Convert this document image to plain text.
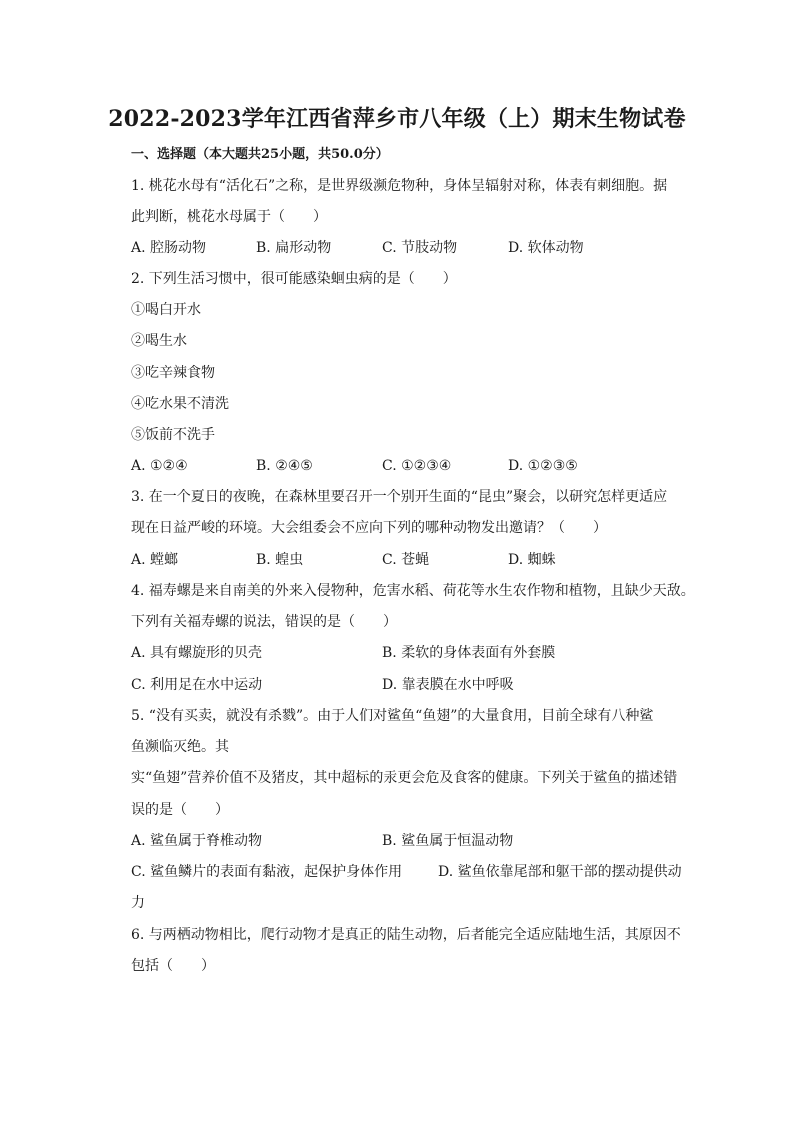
2022-2023学年江西省萍乡市八年级（上）期末生物试卷
一、选择题（本大题共25小题，共50.0分）
1. 桃花水母有“活化石”之称，是世界级濒危物种，身体呈辐射对称，体表有刺细胞。据
此判断，桃花水母属于（　　）
A. 腔肠动物	B. 扁形动物	C. 节肢动物	D. 软体动物
2. 下列生活习惯中，很可能感染蛔虫病的是（　　）
①喝白开水
②喝生水
③吃辛辣食物
④吃水果不清洗
⑤饭前不洗手
A. ①②④	B. ②④⑤	C. ①②③④	D. ①②③⑤
3. 在一个夏日的夜晚，在森林里要召开一个别开生面的“昆虫”聚会，以研究怎样更适应
现在日益严峻的环境。大会组委会不应向下列的哪种动物发出邀请？（　　）
A. 螳螂	B. 蝗虫	C. 苍蝇	D. 蜘蛛
4. 福寿螺是来自南美的外来入侵物种，危害水稻、荷花等水生农作物和植物，且缺少天敌。
下列有关福寿螺的说法，错误的是（　　）
A. 具有螺旋形的贝壳	B. 柔软的身体表面有外套膜
C. 利用足在水中运动	D. 靠表膜在水中呼吸
5. “没有买卖，就没有杀戮”。由于人们对鲨鱼“鱼翅”的大量食用，目前全球有八种鲨
鱼濒临灭绝。其
实“鱼翅”营养价值不及猪皮，其中超标的汞更会危及食客的健康。下列关于鲨鱼的描述错
误的是（　　）
A. 鲨鱼属于脊椎动物	B. 鲨鱼属于恒温动物
C. 鲨鱼鳞片的表面有黏液，起保护身体作用	D. 鲨鱼依靠尾部和躯干部的摆动提供动
力
6. 与两栖动物相比，爬行动物才是真正的陆生动物，后者能完全适应陆地生活，其原因不
包括（　　）
